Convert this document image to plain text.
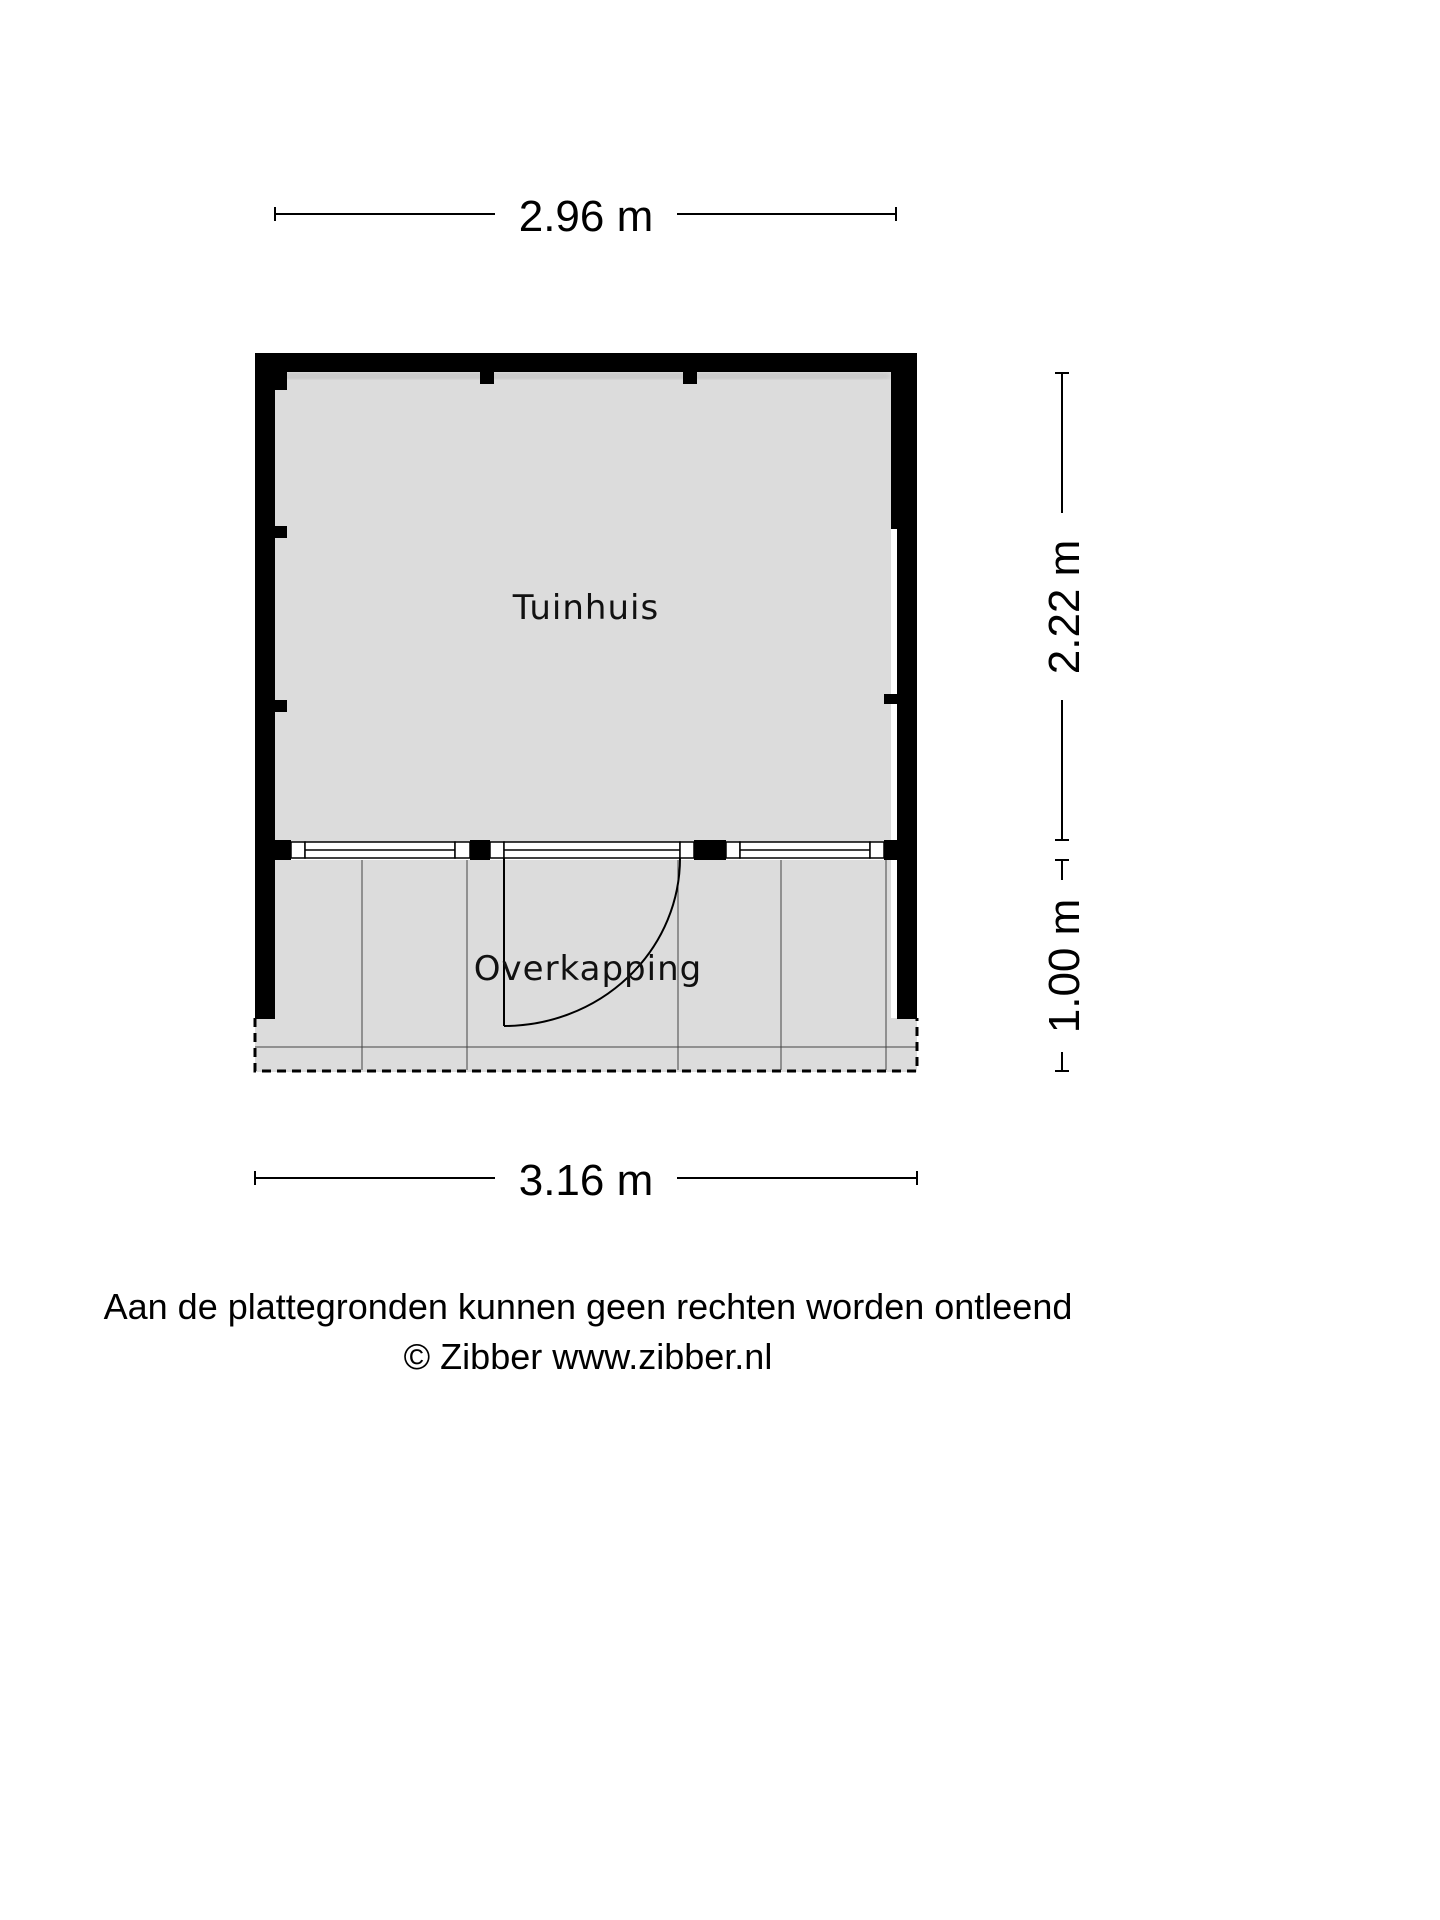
2.96 m
Tuinhuis
Overkapping
2.22 m
1.00 m
3.16 m
Aan de plattegronden kunnen geen rechten worden ontleend
© Zibber www.zibber.nl
